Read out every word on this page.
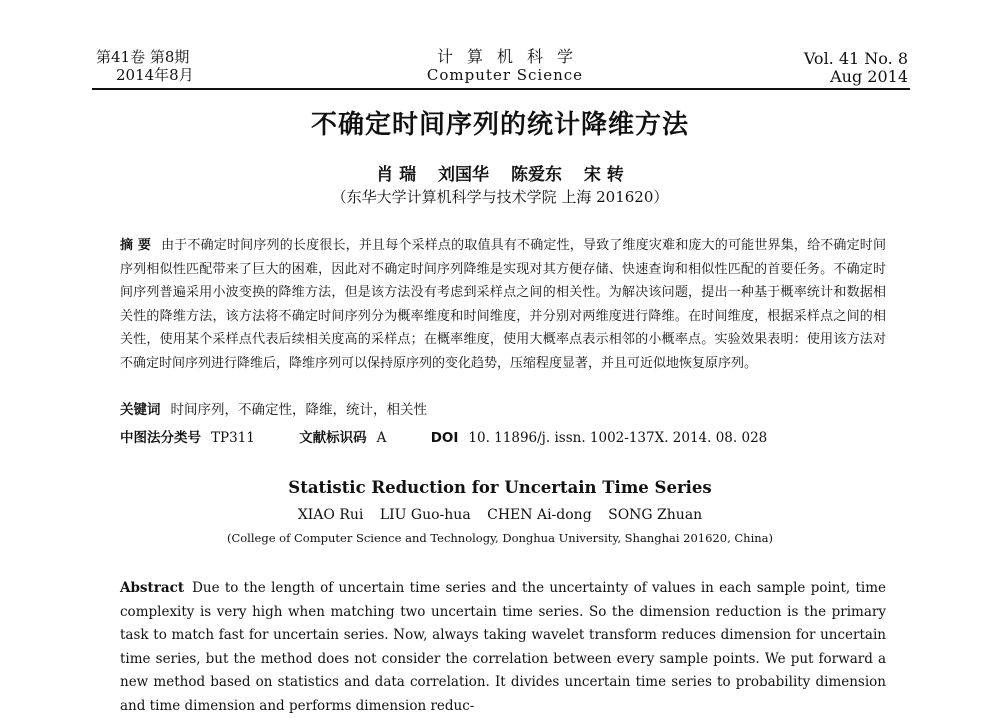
第41卷 第8期
2014年8月
计算机科学
Computer Science
Vol. 41 No. 8
Aug 2014
不确定时间序列的统计降维方法
肖 瑞 刘国华 陈爱东 宋 转
（东华大学计算机科学与技术学院 上海 201620）
摘 要 由于不确定时间序列的长度很长，并且每个采样点的取值具有不确定性，导致了维度灾难和庞大的可能世界集，给不确定时间序列相似性匹配带来了巨大的困难，因此对不确定时间序列降维是实现对其方便存储、快速查询和相似性匹配的首要任务。不确定时间序列普遍采用小波变换的降维方法，但是该方法没有考虑到采样点之间的相关性。为解决该问题，提出一种基于概率统计和数据相关性的降维方法，该方法将不确定时间序列分为概率维度和时间维度，并分别对两维度进行降维。在时间维度，根据采样点之间的相关性，使用某个采样点代表后续相关度高的采样点；在概率维度，使用大概率点表示相邻的小概率点。实验效果表明：使用该方法对不确定时间序列进行降维后，降维序列可以保持原序列的变化趋势，压缩程度显著，并且可近似地恢复原序列。
关键词 时间序列，不确定性，降维，统计，相关性
中图法分类号 TP311	文献标识码 A	DOI 10. 11896/j. issn. 1002-137X. 2014. 08. 028
Statistic Reduction for Uncertain Time Series
XIAO Rui LIU Guo-hua CHEN Ai-dong SONG Zhuan
(College of Computer Science and Technology, Donghua University, Shanghai 201620, China)
Abstract Due to the length of uncertain time series and the uncertainty of values in each sample point, time complexity is very high when matching two uncertain time series. So the dimension reduction is the primary task to match fast for uncertain series. Now, always taking wavelet transform reduces dimension for uncertain time series, but the method does not consider the correlation between every sample points. We put forward a new method based on statistics and data correlation. It divides uncertain time series to probability dimension and time dimension and performs dimension reduc-
